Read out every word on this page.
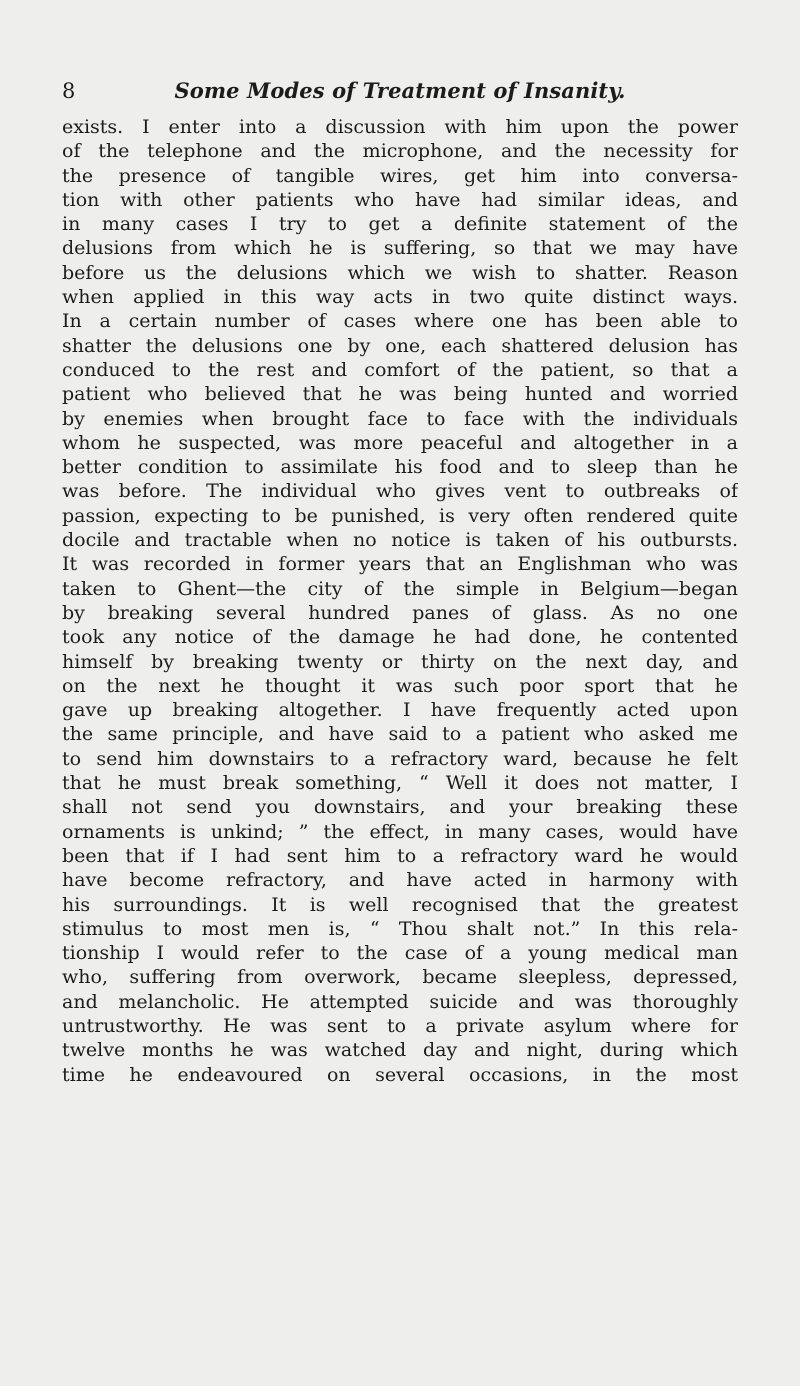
8	Some Modes of Treatment of Insanity.
exists. I enter into a discussion with him upon the power
of the telephone and the microphone, and the necessity for
the presence of tangible wires, get him into conversa-
tion with other patients who have had similar ideas, and
in many cases I try to get a definite statement of the
delusions from which he is suffering, so that we may have
before us the delusions which we wish to shatter. Reason
when applied in this way acts in two quite distinct ways.
In a certain number of cases where one has been able to
shatter the delusions one by one, each shattered delusion has
conduced to the rest and comfort of the patient, so that a
patient who believed that he was being hunted and worried
by enemies when brought face to face with the individuals
whom he suspected, was more peaceful and altogether in a
better condition to assimilate his food and to sleep than he
was before. The individual who gives vent to outbreaks of
passion, expecting to be punished, is very often rendered quite
docile and tractable when no notice is taken of his outbursts.
It was recorded in former years that an Englishman who was
taken to Ghent—the city of the simple in Belgium—began
by breaking several hundred panes of glass. As no one
took any notice of the damage he had done, he contented
himself by breaking twenty or thirty on the next day, and
on the next he thought it was such poor sport that he
gave up breaking altogether. I have frequently acted upon
the same principle, and have said to a patient who asked me
to send him downstairs to a refractory ward, because he felt
that he must break something, “ Well it does not matter, I
shall not send you downstairs, and your breaking these
ornaments is unkind; ” the effect, in many cases, would have
been that if I had sent him to a refractory ward he would
have become refractory, and have acted in harmony with
his surroundings. It is well recognised that the greatest
stimulus to most men is, “ Thou shalt not.” In this rela-
tionship I would refer to the case of a young medical man
who, suffering from overwork, became sleepless, depressed,
and melancholic. He attempted suicide and was thoroughly
untrustworthy. He was sent to a private asylum where for
twelve months he was watched day and night, during which
time he endeavoured on several occasions, in the most
